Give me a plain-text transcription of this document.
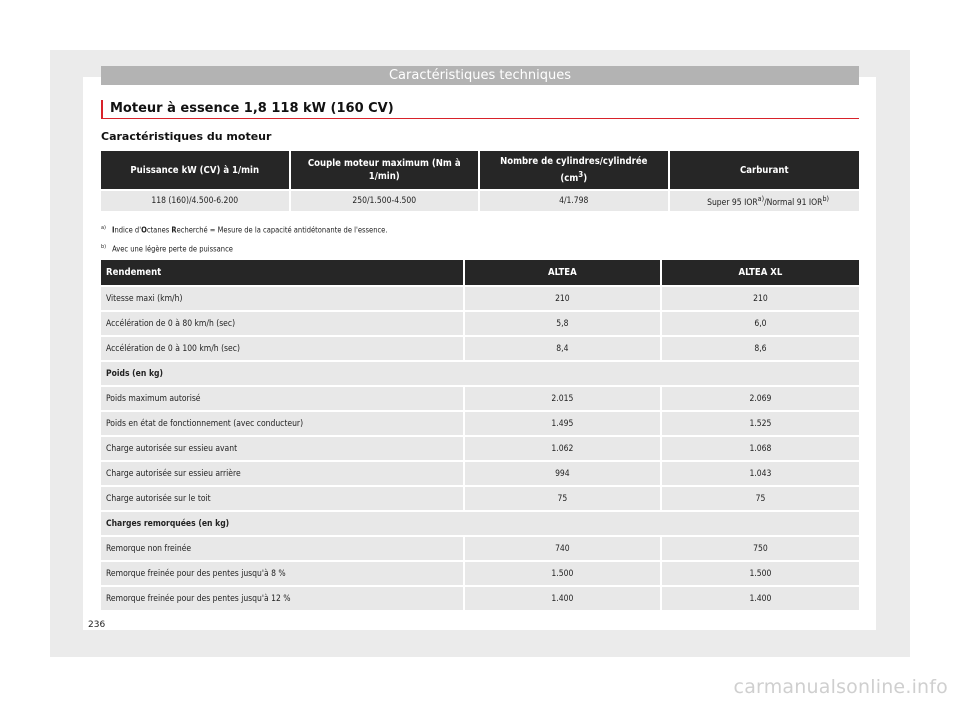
Caractéristiques techniques
Moteur à essence 1,8 118 kW (160 CV)
Caractéristiques du moteur
Puissance kW (CV) à 1/min	Couple moteur maximum (Nm à 1/min)	Nombre de cylindres/cylindrée $(cm^3)$	Carburant
118 (160)/4.500-6.200	250/1.500-4.500	4/1.798	Super 95 IOR$^{a)}$/Normal 91 IOR$^{b)}$
$^{a)}$ Indice d'Octanes Recherché = Mesure de la capacité antidétonante de l'essence.
$^{b)}$ Avec une légère perte de puissance
Rendement	ALTEA	ALTEA XL
Vitesse maxi (km/h)	210	210
Accélération de 0 à 80 km/h (sec)	5,8	6,0
Accélération de 0 à 100 km/h (sec)	8,4	8,6
Poids (en kg)		
Poids maximum autorisé	2.015	2.069
Poids en état de fonctionnement (avec conducteur)	1.495	1.525
Charge autorisée sur essieu avant	1.062	1.068
Charge autorisée sur essieu arrière	994	1.043
Charge autorisée sur le toit	75	75
Charges remorquées (en kg)		
Remorque non freinée	740	750
Remorque freinée pour des pentes jusqu'à 8 %	1.500	1.500
Remorque freinée pour des pentes jusqu'à 12 %	1.400	1.400
236
carmanualsonline.info
